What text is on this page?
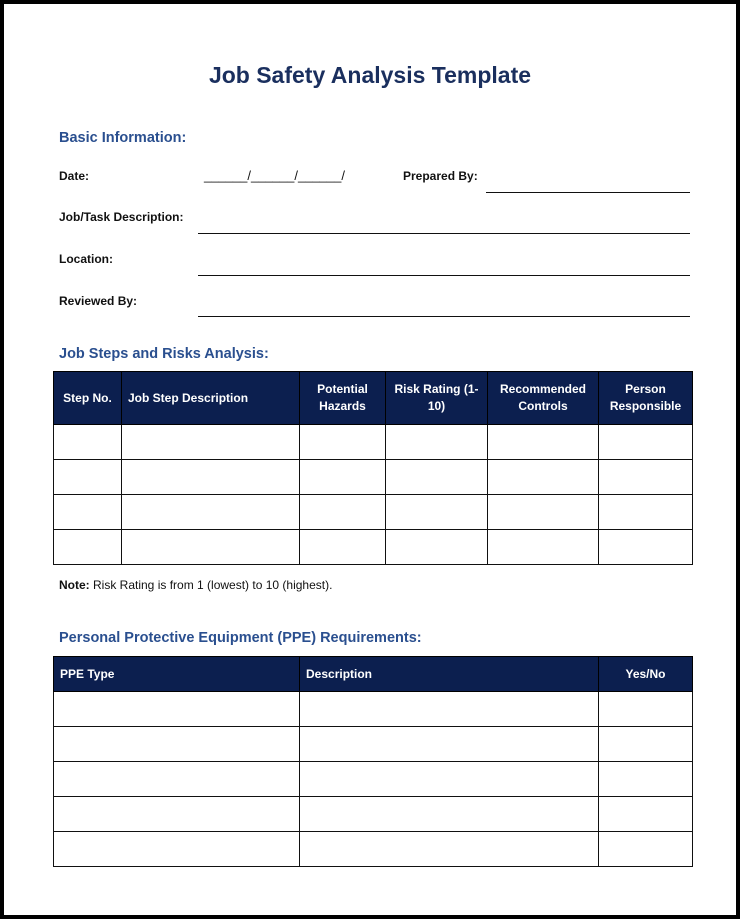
Job Safety Analysis Template
Basic Information:
Date:	______/______/______/	Prepared By:
Job/Task Description:
Location:
Reviewed By:
Job Steps and Risks Analysis:
Step No.	Job Step Description	Potential Hazards	Risk Rating (1-10)	Recommended Controls	Person Responsible

Note: Risk Rating is from 1 (lowest) to 10 (highest).
Personal Protective Equipment (PPE) Requirements:
PPE Type	Description	Yes/No
